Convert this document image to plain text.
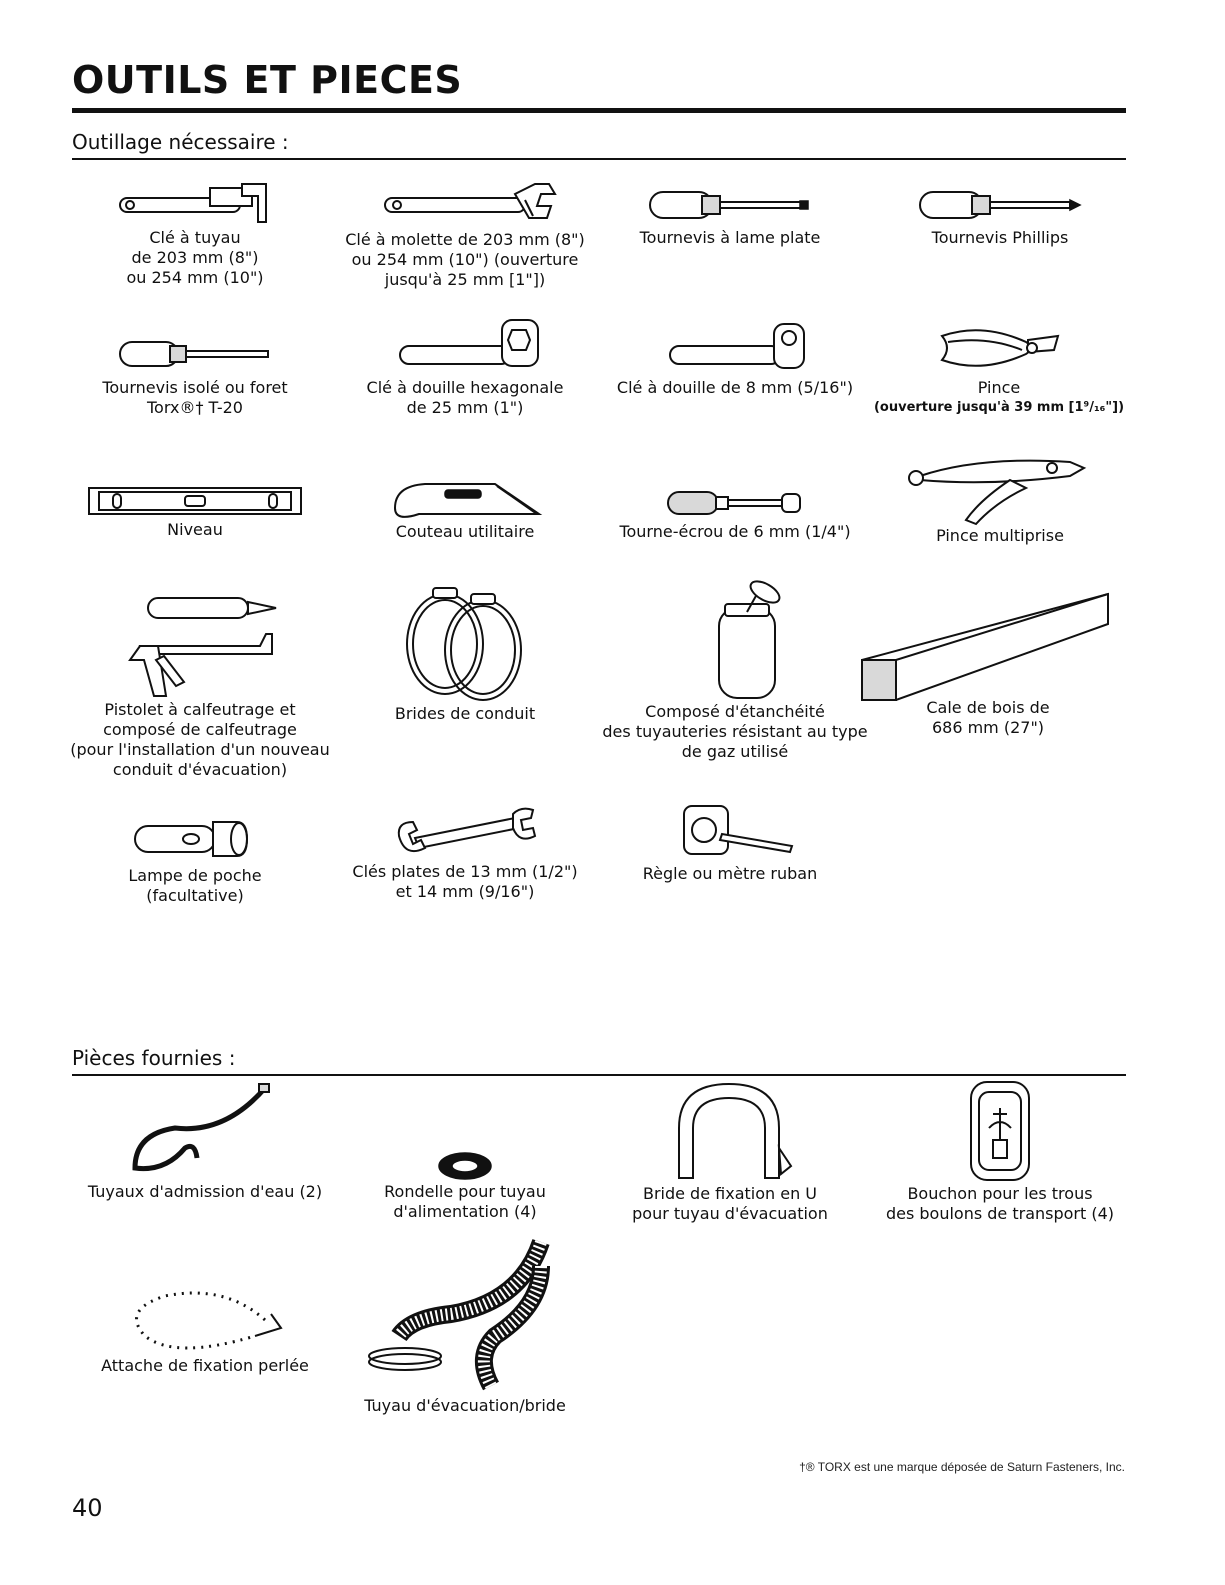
OUTILS ET PIECES
Outillage nécessaire :
Clé à tuyau
de 203 mm (8")
ou 254 mm (10")
Clé à molette de 203 mm (8")
ou 254 mm (10") (ouverture
jusqu'à 25 mm [1"])
Tournevis à lame plate	Tournevis Phillips
Tournevis isolé ou foret
Torx®† T-20
Clé à douille hexagonale
de 25 mm (1")
Clé à douille de 8 mm (5/16")	Pince
(ouverture jusqu'à 39 mm [1⁹/₁₆"])
Niveau	Couteau utilitaire	Tourne-écrou de 6 mm (1/4")	Pince multiprise
Pistolet à calfeutrage et
composé de calfeutrage
(pour l'installation d'un nouveau
conduit d'évacuation)
Brides de conduit	Composé d'étanchéité
des tuyauteries résistant au type
de gaz utilisé
Cale de bois de
686 mm (27")
Lampe de poche
(facultative)
Clés plates de 13 mm (1/2")
et 14 mm (9/16")
Règle ou mètre ruban
Pièces fournies :
Tuyaux d'admission d'eau (2)	Rondelle pour tuyau
d'alimentation (4)
Bride de fixation en U
pour tuyau d'évacuation
Bouchon pour les trous
des boulons de transport (4)
Attache de fixation perlée
Tuyau d'évacuation/bride
†® TORX est une marque déposée de Saturn Fasteners, Inc.
40
